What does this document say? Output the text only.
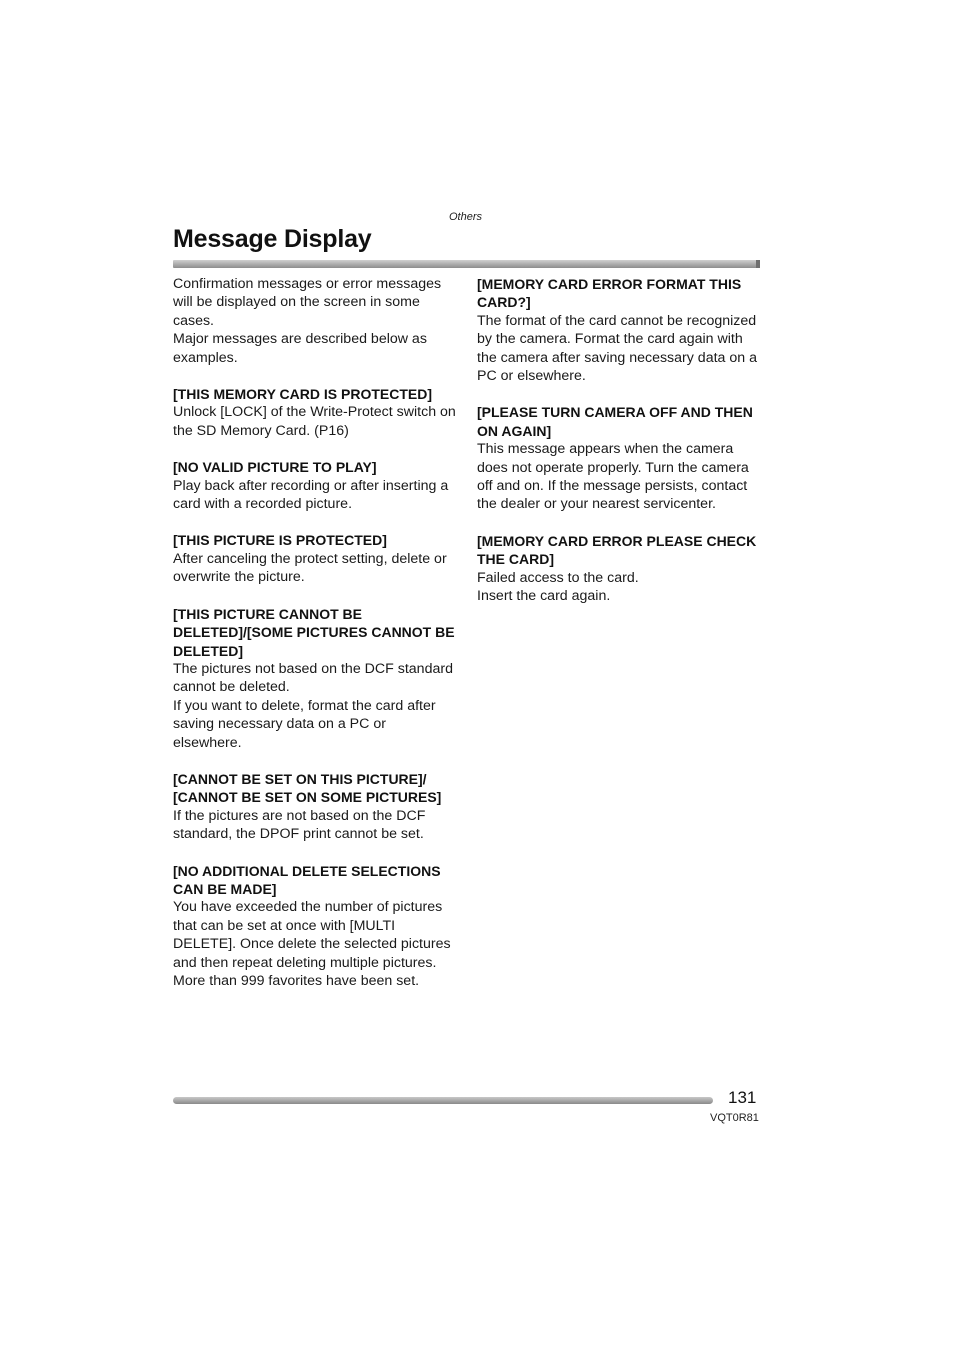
Others
Message Display

Confirmation messages or error messages will be displayed on the screen in some cases.

Major messages are described below as examples.

[THIS MEMORY CARD IS PROTECTED]

Unlock [LOCK] of the Write-Protect switch on the SD Memory Card. (P16)

[NO VALID PICTURE TO PLAY]

Play back after recording or after inserting a card with a recorded picture.

[THIS PICTURE IS PROTECTED]

After canceling the protect setting, delete or overwrite the picture.

[THIS PICTURE CANNOT BE DELETED]/[SOME PICTURES CANNOT BE DELETED]

The pictures not based on the DCF standard cannot be deleted.

If you want to delete, format the card after saving necessary data on a PC or elsewhere.

[CANNOT BE SET ON THIS PICTURE]/ [CANNOT BE SET ON SOME PICTURES]

If the pictures are not based on the DCF standard, the DPOF print cannot be set.

[NO ADDITIONAL DELETE SELECTIONS CAN BE MADE]

You have exceeded the number of pictures that can be set at once with [MULTI DELETE]. Once delete the selected pictures and then repeat deleting multiple pictures.

More than 999 favorites have been set.

[MEMORY CARD ERROR FORMAT THIS CARD?]

The format of the card cannot be recognized by the camera. Format the card again with the camera after saving necessary data on a PC or elsewhere.

[PLEASE TURN CAMERA OFF AND THEN ON AGAIN]

This message appears when the camera does not operate properly. Turn the camera off and on. If the message persists, contact the dealer or your nearest servicenter.

[MEMORY CARD ERROR PLEASE CHECK THE CARD]

Failed access to the card.

Insert the card again.

131
VQT0R81
